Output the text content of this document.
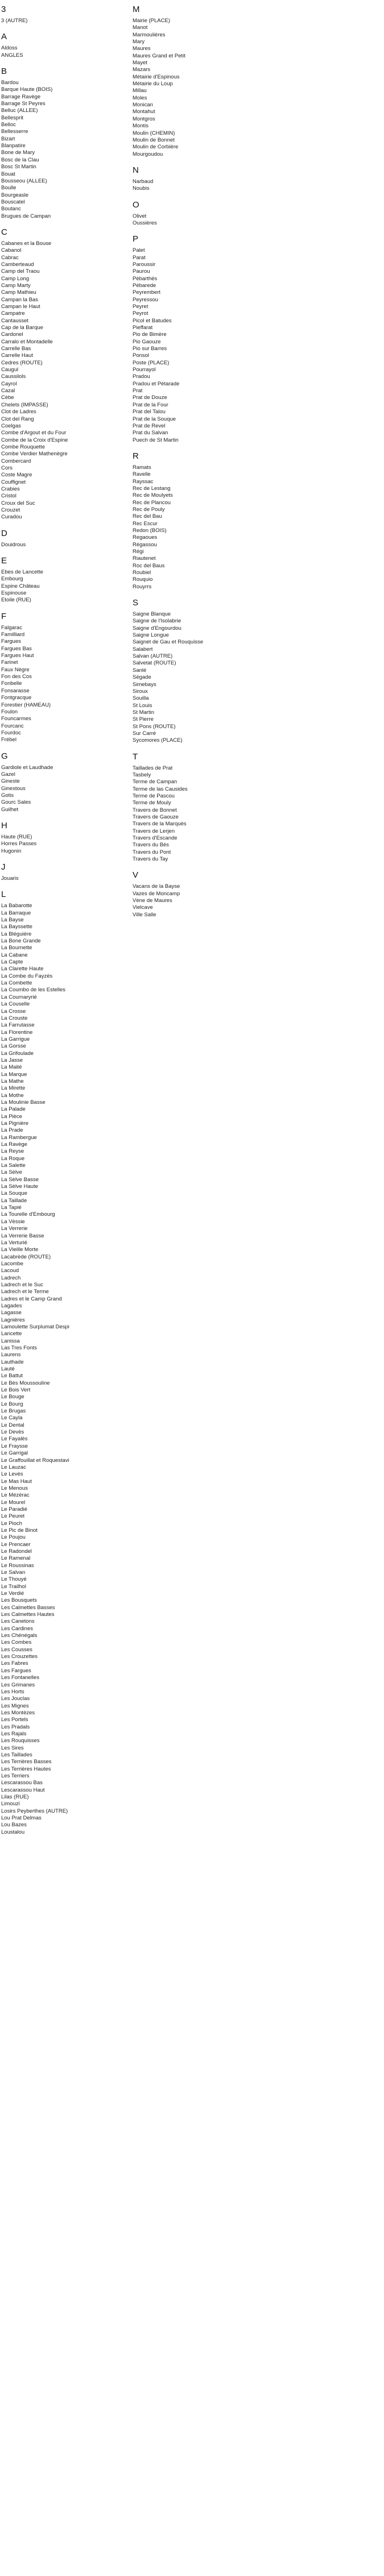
3
3 (AUTRE)
A
Aldoss
ANGLES
B
Bardou
Barque Haute (BOIS)
Barrage Ravège
Barrage St Peyres
Belluc (ALLEE)
Bellesprit
Belloc
Bellesserre
Bizart
Blanpatire
Bone de Mary
Bosc de la Clau
Bosc St Martin
Bouat
Bousseou (ALLEE)
Boulle
Bourgeasle
Bouscatel
Boutanc
Brugues de Campan
C
Cabanes et la Bouse
Cabanol
Cabrac
Camberteaud
Camp del Traou
Camp Long
Camp Marty
Camp Mathieu
Campan la Bas
Campan le Haut
Campatre
Cantausset
Cap de la Barque
Cardonel
Carralo et Montadelle
Carrelle Bas
Carrelle Haut
Cedres (ROUTE)
Caugul
Caussilols
Cayrol
Cazal
Cèbe
Chelets (IMPASSE)
Clot de Ladres
Clot del Rang
Coelgas
Combe d'Argout et du Four
Combe de la Croix d'Espine
Combe Rouquette
Combe Verdier Mathenègre
Combercard
Cors
Coste Magre
Couffignet
Crabies
Cristol
Croux del Suc
Crouzet
Curadou
D
Douidrous
E
Ebes de Lancette
Embourg
Espine Château
Espinouse
Etoile (RUE)
F
Falgarac
Familliard
Fargues
Fargues Bas
Fargues Haut
Farinet
Faux Nègre
Fon des Cos
Fonbelle
Fonsarasse
Fontgracque
Forestier (HAMEAU)
Foulon
Founcarmes
Fourcanc
Fourdoc
Frébel
G
Gardiole et Laudhade
Gazel
Gineste
Ginestous
Gotis
Gourc Sales
Guilhet
H
Haute (RUE)
Horres Passes
Hugonin
J
Jouaris
L
La Babarotte
La Barraque
La Bayse
La Bayssette
La Bléguière
La Bone Grande
La Bournette
La Cabane
La Capte
La Clarette Haute
La Combe du Fayzès
La Combette
La Coumbo de les Estelles
La Cournaryrié
La Couselle
La Crosse
La Crouste
La Farrutasse
La Florentine
La Garrigue
La Gorsse
La Grifoulade
La Jasse
La Maité
La Marque
La Mathe
La Mirette
La Mothe
La Moulinie Basse
La Palade
La Pièce
La Pignière
La Prade
La Rambergue
La Ravège
La Reyse
La Roque
La Salette
La Sèlve
La Sèlve Basse
La Sèlve Haute
La Souque
La Taillade
La Tapié
La Tourelle d'Embourg
La Vèssie
La Verrerie
La Verrerie Basse
La Verturié
La Vieille Morte
Lacabrède (ROUTE)
Lacombe
Lacoud
Ladrech
Ladrech et le Suc
Ladrech et le Terme
Ladres et le Camp Grand
Lagades
Lagasse
Lagnières
Lamoulette Surplumat Despi
Lancette
Lanissa
Las Tres Fonts
Laurens
Lauthade
Lauté
Le Battut
Le Bès Moussouline
Le Bois Vert
Le Bouge
Le Bourg
Le Brugas
Le Cayla
Le Dental
Le Devès
Le Fayalès
Le Fraysse
Le Garrigal
Le Graffouillat et Roquestavi
Le Lauzac
Le Levès
Le Mas Haut
Le Menous
Le Mézérac
Le Mourel
Le Paradié
Le Peuret
Le Pioch
Le Pic de Binot
Le Poujou
Le Prencaer
Le Radondel
Le Ramenal
Le Roussinas
Le Salvan
Le Thouyé
Le Trailhol
Le Verdié
Les Bousquets
Les Calmettes Basses
Les Calmettes Hautes
Les Canetons
Les Cardines
Les Chénégals
Les Combes
Les Cousses
Les Crouzettes
Les Fabres
Les Fargues
Les Fontanelles
Les Grimanes
Les Horts
Les Jouclas
Les Mignes
Les Montèzes
Les Portels
Les Pradals
Les Rajals
Les Rouquisses
Les Sires
Les Taillades
Les Terrières Basses
Les Terrières Hautes
Les Terriers
Lescarassou Bas
Lescarassou Haut
Lilas (RUE)
Limouzi
Losirs Peyberthes (AUTRE)
Lou Prat Delmas
Lou Bazes
Loustalou
M
Mairie (PLACE)
Manot
Marmoulières
Mary
Maures
Maures Grand et Petit
Mayet
Mazars
Métairie d'Espinous
Métairie du Loup
Millau
Moles
Monican
Montahut
Montgros
Montis
Moulin (CHEMIN)
Moulin de Bonnet
Moulin de Corbière
Mourgoudou
N
Narbaud
Noubis
O
Olivet
Oussières
P
Palet
Parat
Paroussir
Paurou
Pèbarthès
Pébarede
Peyrembert
Peyressou
Peyret
Peyrot
Picol et Batudes
Pieffarat
Pio de Bimère
Pio Gaouze
Pio sur Barres
Ponsol
Poste (PLACE)
Pourrayol
Pradou
Pradou et Pétarade
Prat
Prat de Douze
Prat de la Four
Prat del Talou
Prat de la Souque
Prat de Revel
Prat du Salvan
Puech de St Martin
R
Ramats
Ravelle
Rayssac
Rec de Lestang
Rec de Moulyets
Rec de Plancou
Rec de Pouly
Rec del Bau
Rec Escur
Redon (BOIS)
Regaoues
Régassou
Régi
Riautenet
Roc del Baus
Roubiel
Rouquio
Rouyrrs
S
Saigne Blanque
Saigne de l'Isolabrie
Saigne d'Engourdou
Saigne Longue
Saignet de Gau et Rouquisse
Salabert
Salvan (AUTRE)
Salvetat (ROUTE)
Sanlé
Ségade
Simebays
Siroux
Souilla
St Louis
St Martin
St Pierre
St Pons (ROUTE)
Sur Carré
Sycomores (PLACE)
T
Taillades de Prat
Tasbely
Terme de Campan
Terme de las Causides
Terme de Pascou
Terme de Mouly
Travers de Bonnet
Travers de Gaouze
Travers de la Marquès
Travers de Lerjen
Travers d'Escande
Travers du Bès
Travers du Pont
Travers du Tay
V
Vacans de la Bayse
Vazes de Moncamp
Vène de Maures
Vielcave
Ville Salle
